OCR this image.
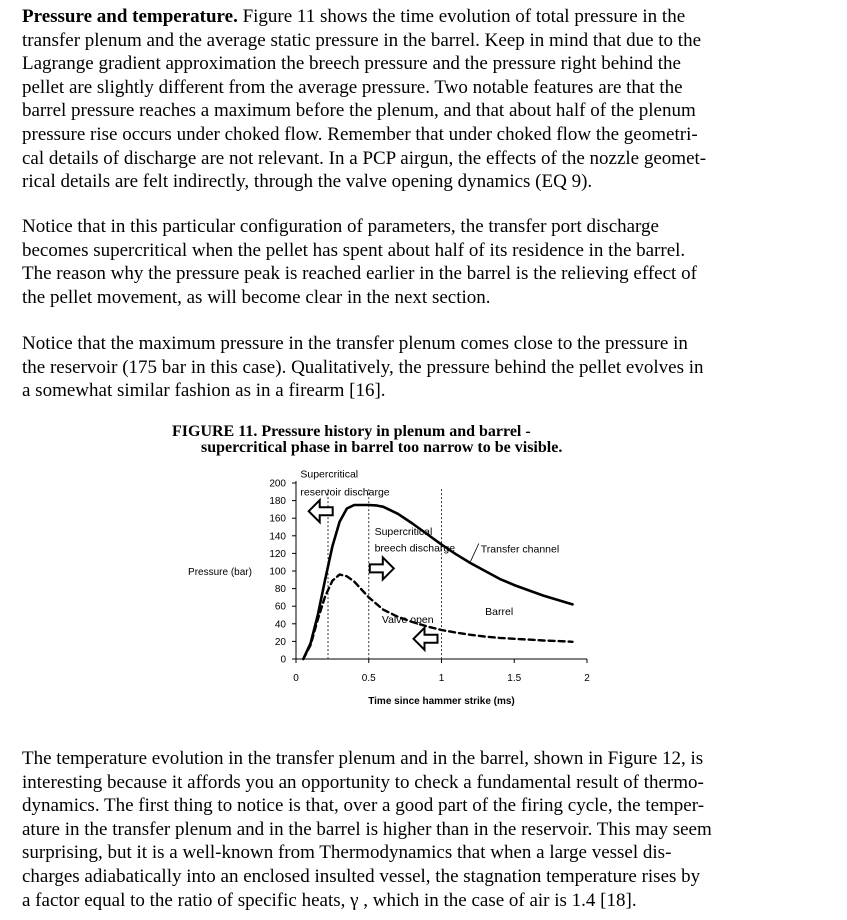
Pressure and temperature. Figure 11 shows the time evolution of total pressure in the
transfer plenum and the average static pressure in the barrel. Keep in mind that due to the
Lagrange gradient approximation the breech pressure and the pressure right behind the
pellet are slightly different from the average pressure. Two notable features are that the
barrel pressure reaches a maximum before the plenum, and that about half of the plenum
pressure rise occurs under choked flow. Remember that under choked flow the geometri-
cal details of discharge are not relevant. In a PCP airgun, the effects of the nozzle geomet-
rical details are felt indirectly, through the valve opening dynamics (EQ 9).

Notice that in this particular configuration of parameters, the transfer port discharge
becomes supercritical when the pellet has spent about half of its residence in the barrel.
The reason why the pressure peak is reached earlier in the barrel is the relieving effect of
the pellet movement, as will become clear in the next section.

Notice that the maximum pressure in the transfer plenum comes close to the pressure in
the reservoir (175 bar in this case). Qualitatively, the pressure behind the pellet evolves in
a somewhat similar fashion as in a firearm [16].

FIGURE 11. Pressure history in plenum and barrel -

supercritical phase in barrel too narrow to be visible.

0
20
40
60
80
100
120
140
160
180
200
0	0.5	1	1.5	2
Pressure (bar)
Time since hammer strike (ms)
Supercritical
reservoir discharge
Supercritical
breech discharge Transfer channel
Barrel
Valve open

The temperature evolution in the transfer plenum and in the barrel, shown in Figure 12, is
interesting because it affords you an opportunity to check a fundamental result of thermo-
dynamics. The first thing to notice is that, over a good part of the firing cycle, the temper-
ature in the transfer plenum and in the barrel is higher than in the reservoir. This may seem
surprising, but it is a well-known from Thermodynamics that when a large vessel dis-
charges adiabatically into an enclosed insulted vessel, the stagnation temperature rises by
a factor equal to the ratio of specific heats, γ , which in the case of air is 1.4 [18].
